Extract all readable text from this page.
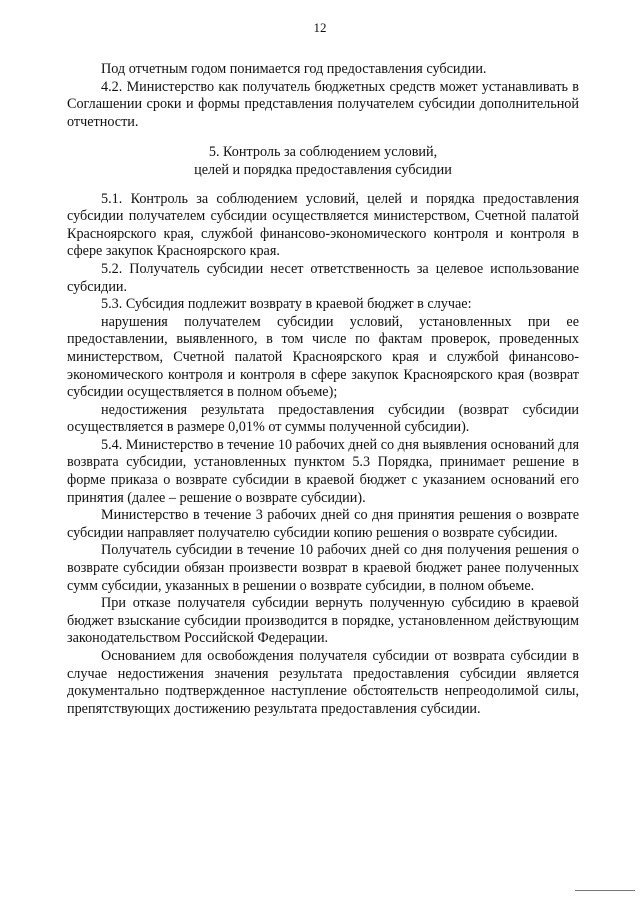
12

Под отчетным годом понимается год предоставления субсидии.

4.2. Министерство как получатель бюджетных средств может устанавливать в Соглашении сроки и формы представления получателем субсидии дополнительной отчетности.

5. Контроль за соблюдением условий,
целей и порядка предоставления субсидии

5.1. Контроль за соблюдением условий, целей и порядка предоставления субсидии получателем субсидии осуществляется министерством, Счетной палатой Красноярского края, службой финансово-экономического контроля и контроля в сфере закупок Красноярского края.

5.2. Получатель субсидии несет ответственность за целевое использование субсидии.

5.3. Субсидия подлежит возврату в краевой бюджет в случае:

нарушения получателем субсидии условий, установленных при ее предоставлении, выявленного, в том числе по фактам проверок, проведенных министерством, Счетной палатой Красноярского края и службой финансово-экономического контроля и контроля в сфере закупок Красноярского края (возврат субсидии осуществляется в полном объеме);

недостижения результата предоставления субсидии (возврат субсидии осуществляется в размере 0,01% от суммы полученной субсидии).

5.4. Министерство в течение 10 рабочих дней со дня выявления оснований для возврата субсидии, установленных пунктом 5.3 Порядка, принимает решение в форме приказа о возврате субсидии в краевой бюджет с указанием оснований его принятия (далее – решение о возврате субсидии).

Министерство в течение 3 рабочих дней со дня принятия решения о возврате субсидии направляет получателю субсидии копию решения о возврате субсидии.

Получатель субсидии в течение 10 рабочих дней со дня получения решения о возврате субсидии обязан произвести возврат в краевой бюджет ранее полученных сумм субсидии, указанных в решении о возврате субсидии, в полном объеме.

При отказе получателя субсидии вернуть полученную субсидию в краевой бюджет взыскание субсидии производится в порядке, установленном действующим законодательством Российской Федерации.

Основанием для освобождения получателя субсидии от возврата субсидии в случае недостижения значения результата предоставления субсидии является документально подтвержденное наступление обстоятельств непреодолимой силы, препятствующих достижению результата предоставления субсидии.
